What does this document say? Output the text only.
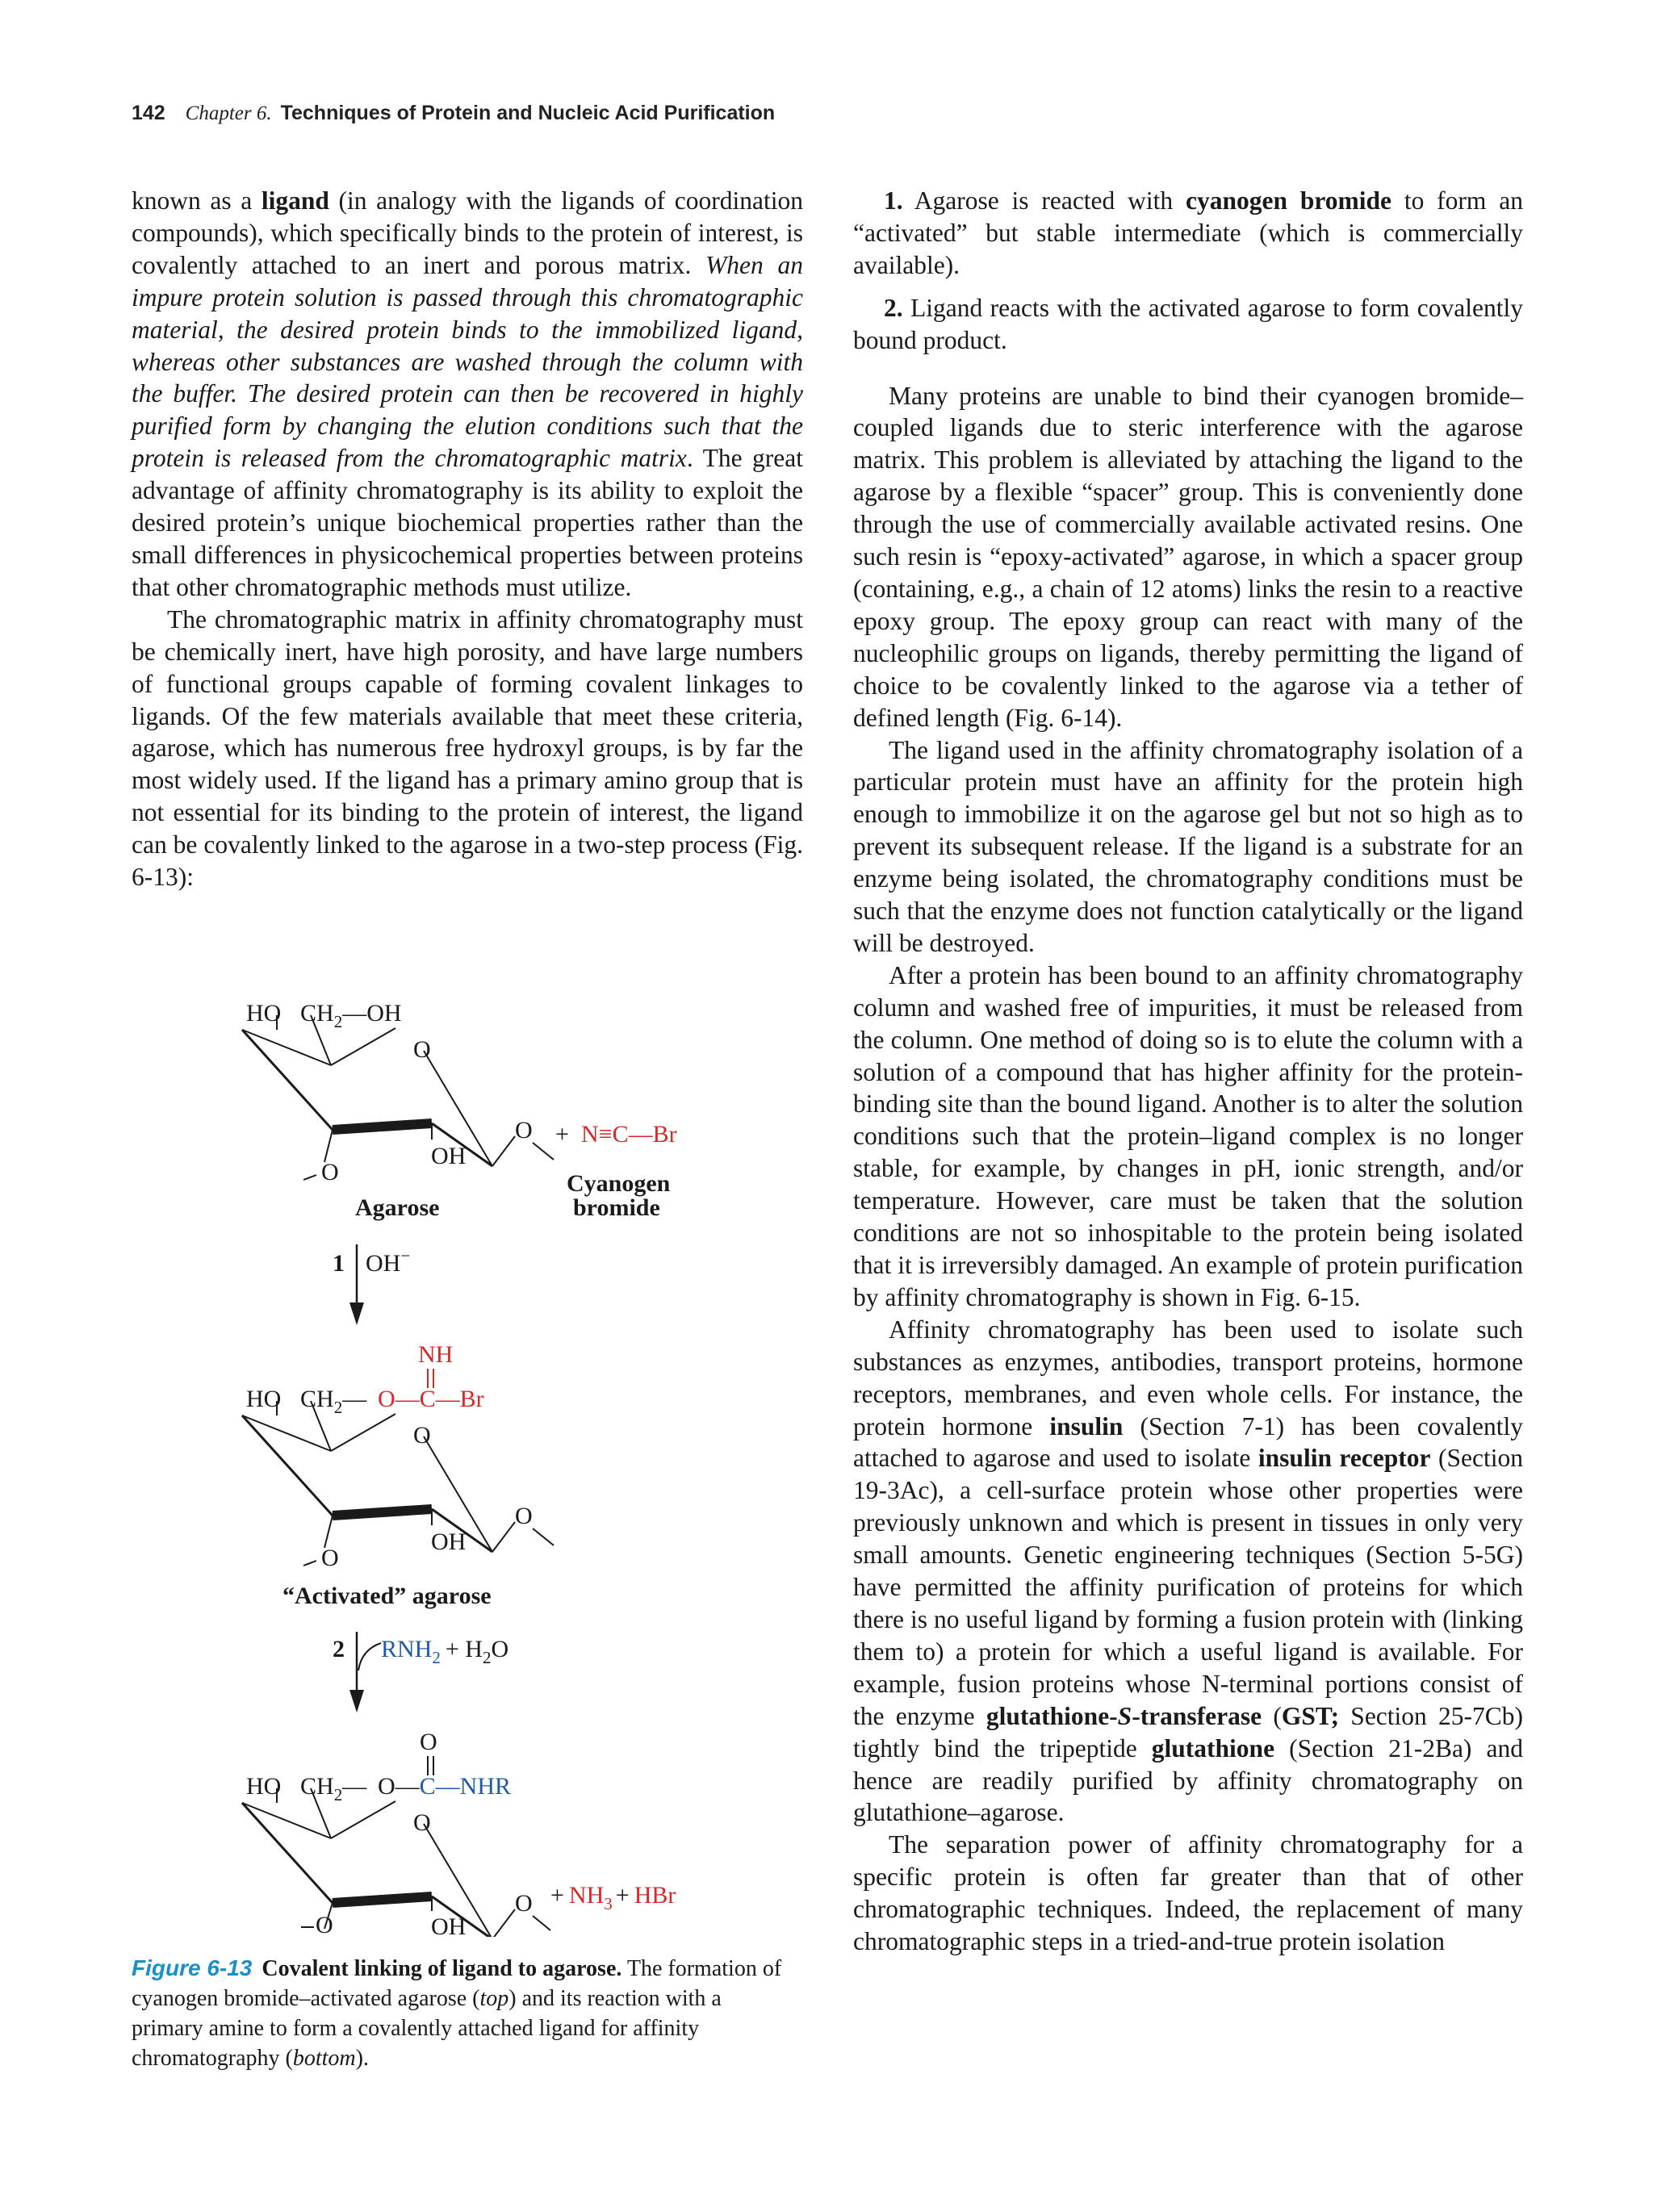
142 Chapter 6. Techniques of Protein and Nucleic Acid Purification

known as a ligand (in analogy with the ligands of coordination compounds), which specifically binds to the protein of interest, is covalently attached to an inert and porous matrix. When an impure protein solution is passed through this chromatographic material, the desired protein binds to the immobilized ligand, whereas other substances are washed through the column with the buffer. The desired protein can then be recovered in highly purified form by changing the elution conditions such that the protein is released from the chromatographic matrix. The great advantage of affinity chromatography is its ability to exploit the desired protein’s unique biochemical properties rather than the small differences in physicochemical properties between proteins that other chromatographic methods must utilize.

The chromatographic matrix in affinity chromatography must be chemically inert, have high porosity, and have large numbers of functional groups capable of forming covalent linkages to ligands. Of the few materials available that meet these criteria, agarose, which has numerous free hydroxyl groups, is by far the most widely used. If the ligand has a primary amino group that is not essential for its binding to the protein of interest, the ligand can be covalently linked to the agarose in a two-step process (Fig. 6-13):

1. Agarose is reacted with cyanogen bromide to form an “activated” but stable intermediate (which is commercially available).

2. Ligand reacts with the activated agarose to form covalently bound product.

Many proteins are unable to bind their cyanogen bromide–coupled ligands due to steric interference with the agarose matrix. This problem is alleviated by attaching the ligand to the agarose by a flexible “spacer” group. This is conveniently done through the use of commercially available activated resins. One such resin is “epoxy-activated” agarose, in which a spacer group (containing, e.g., a chain of 12 atoms) links the resin to a reactive epoxy group. The epoxy group can react with many of the nucleophilic groups on ligands, thereby permitting the ligand of choice to be covalently linked to the agarose via a tether of defined length (Fig. 6-14).

The ligand used in the affinity chromatography isolation of a particular protein must have an affinity for the protein high enough to immobilize it on the agarose gel but not so high as to prevent its subsequent release. If the ligand is a substrate for an enzyme being isolated, the chromatography conditions must be such that the enzyme does not function catalytically or the ligand will be destroyed.

After a protein has been bound to an affinity chromatography column and washed free of impurities, it must be released from the column. One method of doing so is to elute the column with a solution of a compound that has higher affinity for the protein-binding site than the bound ligand. Another is to alter the solution conditions such that the protein–ligand complex is no longer stable, for example, by changes in pH, ionic strength, and/or temperature. However, care must be taken that the solution conditions are not so inhospitable to the protein being isolated that it is irreversibly damaged. An example of protein purification by affinity chromatography is shown in Fig. 6-15.

Affinity chromatography has been used to isolate such substances as enzymes, antibodies, transport proteins, hormone receptors, membranes, and even whole cells. For instance, the protein hormone insulin (Section 7-1) has been covalently attached to agarose and used to isolate insulin receptor (Section 19-3Ac), a cell-surface protein whose other properties were previously unknown and which is present in tissues in only very small amounts. Genetic engineering techniques (Section 5-5G) have permitted the affinity purification of proteins for which there is no useful ligand by forming a fusion protein with (linking them to) a protein for which a useful ligand is available. For example, fusion proteins whose N-terminal portions consist of the enzyme glutathione-S-transferase (GST; Section 25-7Cb) tightly bind the tripeptide glutathione (Section 21-2Ba) and hence are readily purified by affinity chromatography on glutathione–agarose.

The separation power of affinity chromatography for a specific protein is often far greater than that of other chromatographic techniques. Indeed, the replacement of many chromatographic steps in a tried-and-true protein isolation

HO $CH_2—OH$
O
O
OH
O
Agarose
+ N≡C—Br
Cyanogen
bromide
1 OH−
NH
HO $CH_2—$ O—C—Br
O
O
OH
O
“Activated” agarose
2 $RNH_2 + H_2O$
O
HO $CH_2—$ O—C—NHR
O
O
OH
+ $NH_3$ + HBr
O
Figure 6-13 Covalent linking of ligand to agarose. The formation of cyanogen bromide–activated agarose (top) and its reaction with a primary amine to form a covalently attached ligand for affinity chromatography (bottom).
